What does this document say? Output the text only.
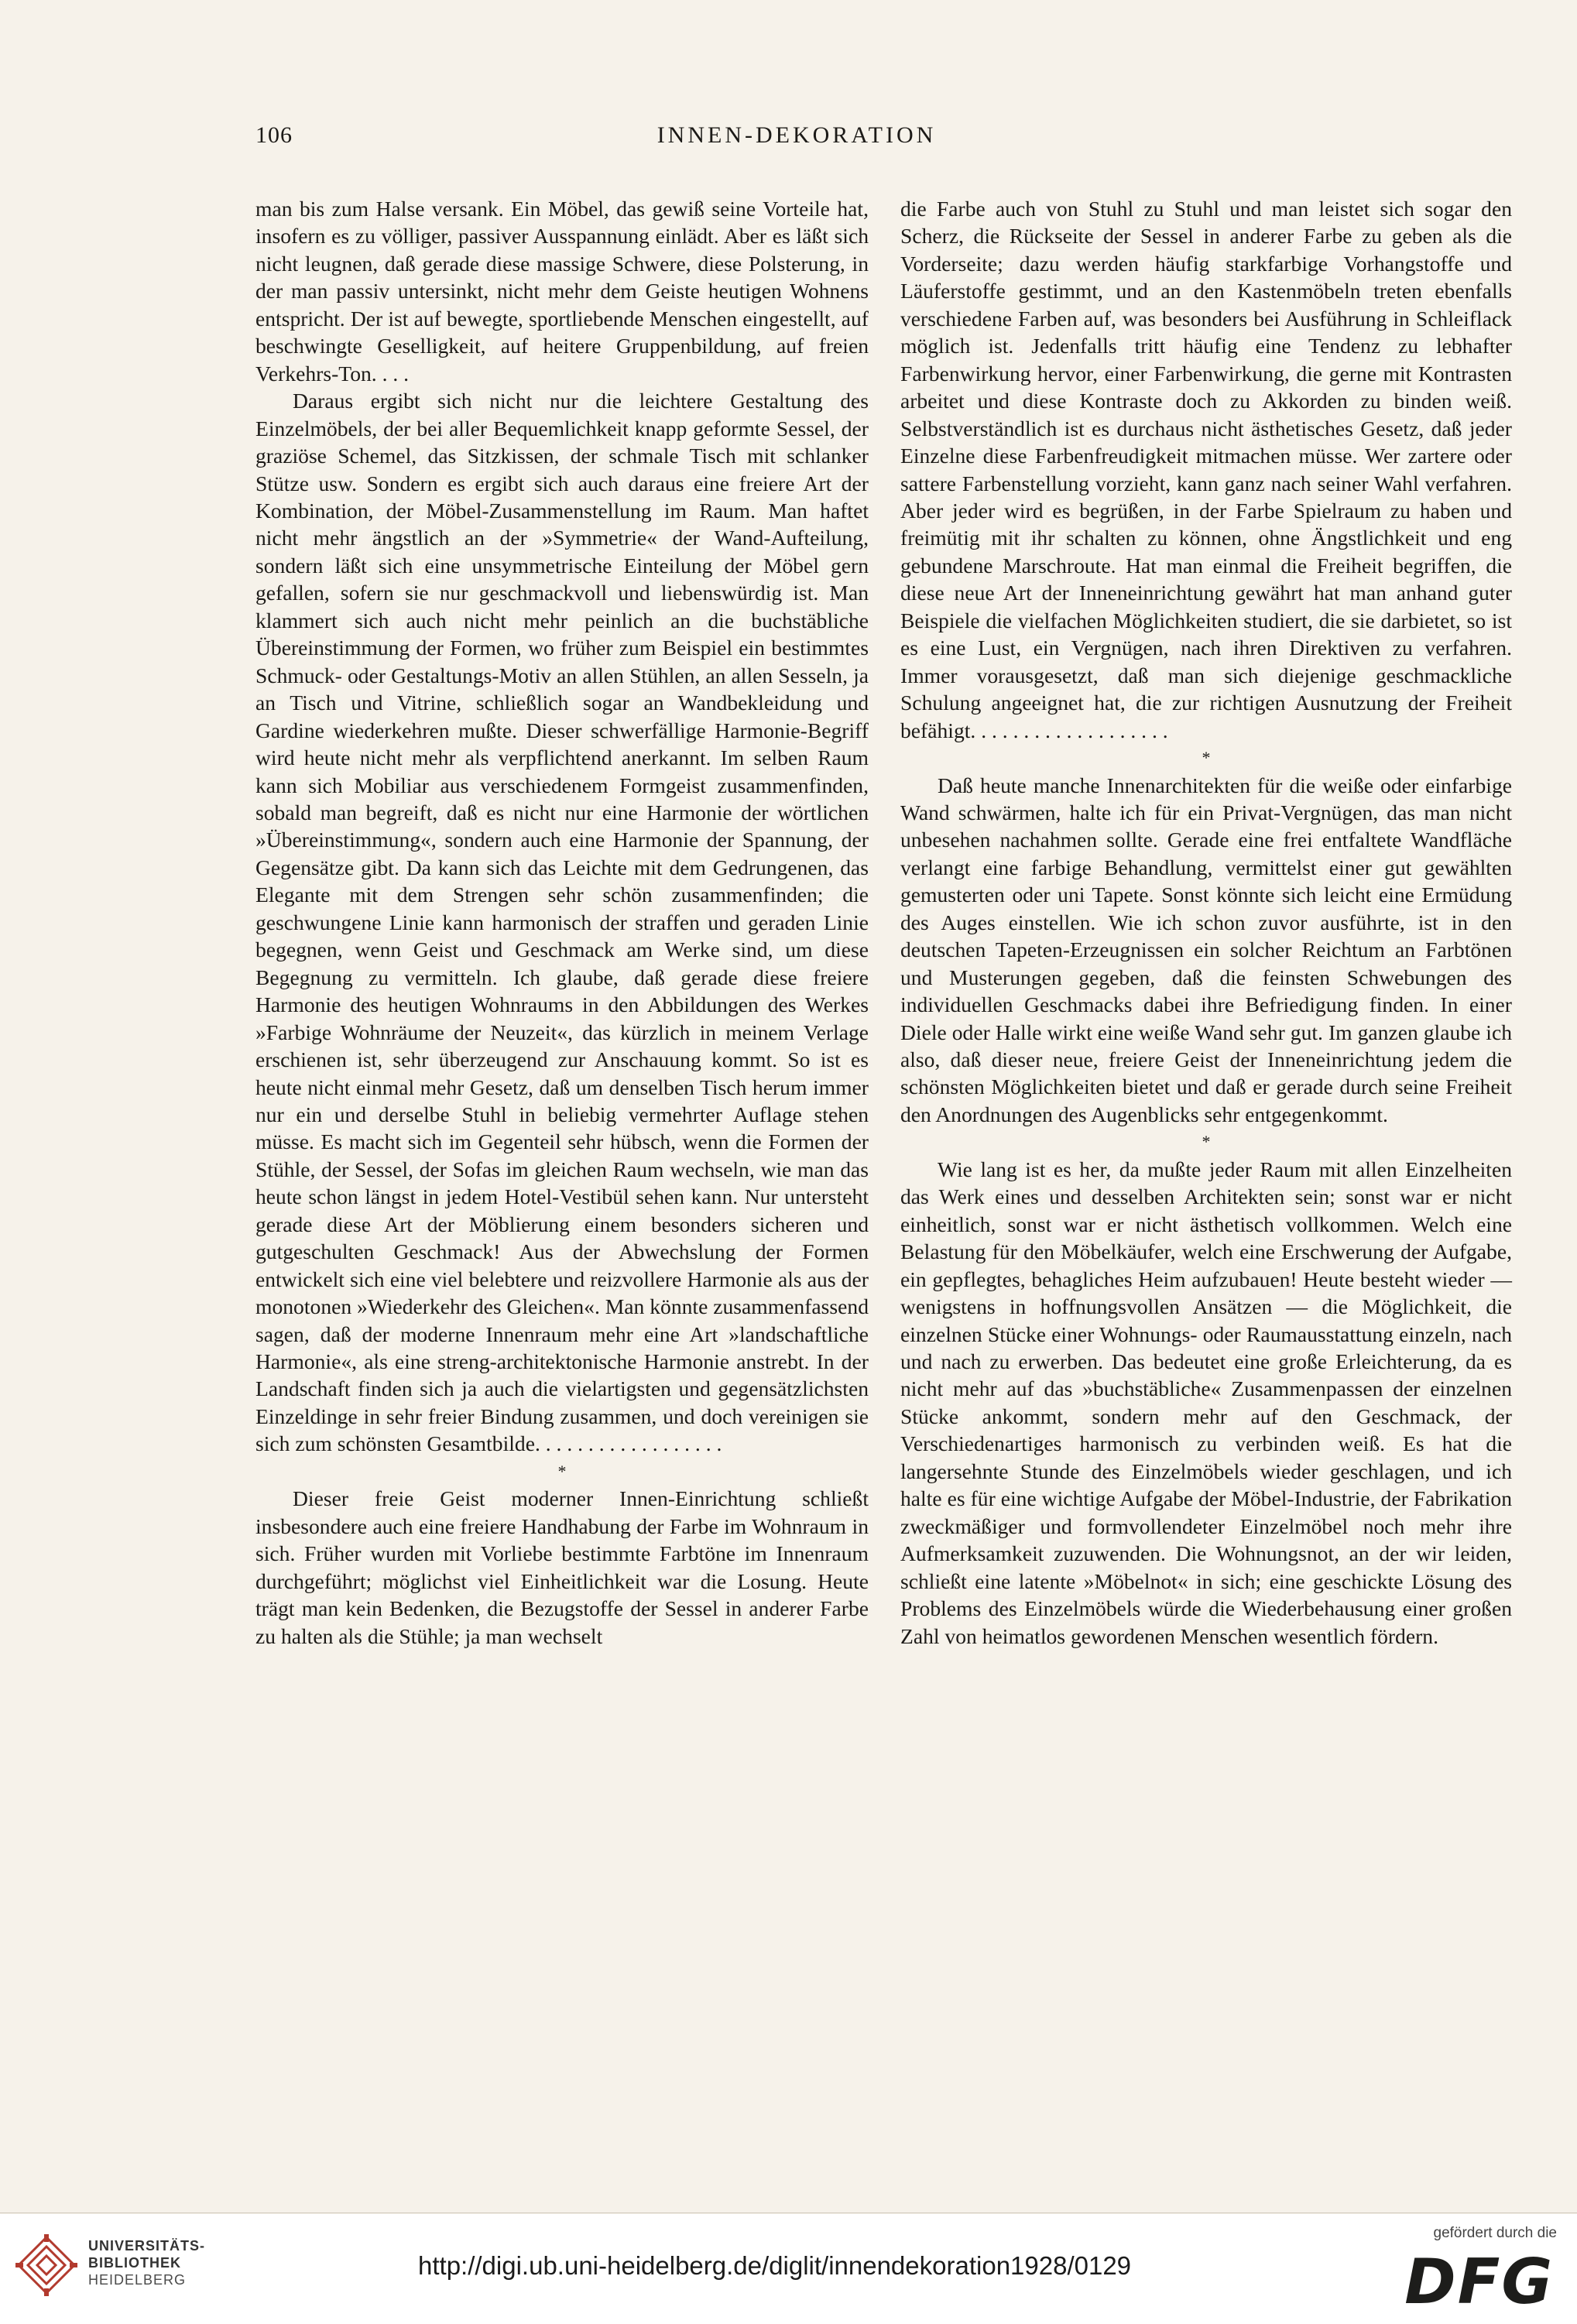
106	INNEN-DEKORATION

man bis zum Halse versank. Ein Möbel, das gewiß seine Vorteile hat, insofern es zu völliger, passiver Ausspannung einlädt. Aber es läßt sich nicht leugnen, daß gerade diese massige Schwere, diese Polsterung, in der man passiv untersinkt, nicht mehr dem Geiste heutigen Wohnens entspricht. Der ist auf bewegte, sportliebende Menschen eingestellt, auf beschwingte Geselligkeit, auf heitere Gruppenbildung, auf freien Verkehrs-Ton. . . .

Daraus ergibt sich nicht nur die leichtere Gestaltung des Einzelmöbels, der bei aller Bequemlichkeit knapp geformte Sessel, der graziöse Schemel, das Sitzkissen, der schmale Tisch mit schlanker Stütze usw. Sondern es ergibt sich auch daraus eine freiere Art der Kombination, der Möbel-Zusammenstellung im Raum. Man haftet nicht mehr ängstlich an der »Symmetrie« der Wand-Aufteilung, sondern läßt sich eine unsymmetrische Einteilung der Möbel gern gefallen, sofern sie nur geschmackvoll und liebenswürdig ist. Man klammert sich auch nicht mehr peinlich an die buchstäbliche Übereinstimmung der Formen, wo früher zum Beispiel ein bestimmtes Schmuck- oder Gestaltungs-Motiv an allen Stühlen, an allen Sesseln, ja an Tisch und Vitrine, schließlich sogar an Wandbekleidung und Gardine wiederkehren mußte. Dieser schwerfällige Harmonie-Begriff wird heute nicht mehr als verpflichtend anerkannt. Im selben Raum kann sich Mobiliar aus verschiedenem Formgeist zusammenfinden, sobald man begreift, daß es nicht nur eine Harmonie der wörtlichen »Übereinstimmung«, sondern auch eine Harmonie der Spannung, der Gegensätze gibt. Da kann sich das Leichte mit dem Gedrungenen, das Elegante mit dem Strengen sehr schön zusammenfinden; die geschwungene Linie kann harmonisch der straffen und geraden Linie begegnen, wenn Geist und Geschmack am Werke sind, um diese Begegnung zu vermitteln. Ich glaube, daß gerade diese freiere Harmonie des heutigen Wohnraums in den Abbildungen des Werkes »Farbige Wohnräume der Neuzeit«, das kürzlich in meinem Verlage erschienen ist, sehr überzeugend zur Anschauung kommt. So ist es heute nicht einmal mehr Gesetz, daß um denselben Tisch herum immer nur ein und derselbe Stuhl in beliebig vermehrter Auflage stehen müsse. Es macht sich im Gegenteil sehr hübsch, wenn die Formen der Stühle, der Sessel, der Sofas im gleichen Raum wechseln, wie man das heute schon längst in jedem Hotel-Vestibül sehen kann. Nur untersteht gerade diese Art der Möblierung einem besonders sicheren und gutgeschulten Geschmack! Aus der Abwechslung der Formen entwickelt sich eine viel belebtere und reizvollere Harmonie als aus der monotonen »Wiederkehr des Gleichen«. Man könnte zusammenfassend sagen, daß der moderne Innenraum mehr eine Art »landschaftliche Harmonie«, als eine streng-architektonische Harmonie anstrebt. In der Landschaft finden sich ja auch die vielartigsten und gegensätzlichsten Einzeldinge in sehr freier Bindung zusammen, und doch vereinigen sie sich zum schönsten Gesamtbilde. . . . . . . . . . . . . . . . . .

*

Dieser freie Geist moderner Innen-Einrichtung schließt insbesondere auch eine freiere Handhabung der Farbe im Wohnraum in sich. Früher wurden mit Vorliebe bestimmte Farbtöne im Innenraum durchgeführt; möglichst viel Einheitlichkeit war die Losung. Heute trägt man kein Bedenken, die Bezugstoffe der Sessel in anderer Farbe zu halten als die Stühle; ja man wechselt

die Farbe auch von Stuhl zu Stuhl und man leistet sich sogar den Scherz, die Rückseite der Sessel in anderer Farbe zu geben als die Vorderseite; dazu werden häufig starkfarbige Vorhangstoffe und Läuferstoffe gestimmt, und an den Kastenmöbeln treten ebenfalls verschiedene Farben auf, was besonders bei Ausführung in Schleiflack möglich ist. Jedenfalls tritt häufig eine Tendenz zu lebhafter Farbenwirkung hervor, einer Farbenwirkung, die gerne mit Kontrasten arbeitet und diese Kontraste doch zu Akkorden zu binden weiß. Selbstverständlich ist es durchaus nicht ästhetisches Gesetz, daß jeder Einzelne diese Farbenfreudigkeit mitmachen müsse. Wer zartere oder sattere Farbenstellung vorzieht, kann ganz nach seiner Wahl verfahren. Aber jeder wird es begrüßen, in der Farbe Spielraum zu haben und freimütig mit ihr schalten zu können, ohne Ängstlichkeit und eng gebundene Marschroute. Hat man einmal die Freiheit begriffen, die diese neue Art der Inneneinrichtung gewährt hat man anhand guter Beispiele die vielfachen Möglichkeiten studiert, die sie darbietet, so ist es eine Lust, ein Vergnügen, nach ihren Direktiven zu verfahren. Immer vorausgesetzt, daß man sich diejenige geschmackliche Schulung angeeignet hat, die zur richtigen Ausnutzung der Freiheit befähigt. . . . . . . . . . . . . . . . . . .

*

Daß heute manche Innenarchitekten für die weiße oder einfarbige Wand schwärmen, halte ich für ein Privat-Vergnügen, das man nicht unbesehen nachahmen sollte. Gerade eine frei entfaltete Wandfläche verlangt eine farbige Behandlung, vermittelst einer gut gewählten gemusterten oder uni Tapete. Sonst könnte sich leicht eine Ermüdung des Auges einstellen. Wie ich schon zuvor ausführte, ist in den deutschen Tapeten-Erzeugnissen ein solcher Reichtum an Farbtönen und Musterungen gegeben, daß die feinsten Schwebungen des individuellen Geschmacks dabei ihre Befriedigung finden. In einer Diele oder Halle wirkt eine weiße Wand sehr gut. Im ganzen glaube ich also, daß dieser neue, freiere Geist der Inneneinrichtung jedem die schönsten Möglichkeiten bietet und daß er gerade durch seine Freiheit den Anordnungen des Augenblicks sehr entgegenkommt.

*

Wie lang ist es her, da mußte jeder Raum mit allen Einzelheiten das Werk eines und desselben Architekten sein; sonst war er nicht einheitlich, sonst war er nicht ästhetisch vollkommen. Welch eine Belastung für den Möbelkäufer, welch eine Erschwerung der Aufgabe, ein gepflegtes, behagliches Heim aufzubauen! Heute besteht wieder — wenigstens in hoffnungsvollen Ansätzen — die Möglichkeit, die einzelnen Stücke einer Wohnungs- oder Raumausstattung einzeln, nach und nach zu erwerben. Das bedeutet eine große Erleichterung, da es nicht mehr auf das »buchstäbliche« Zusammenpassen der einzelnen Stücke ankommt, sondern mehr auf den Geschmack, der Verschiedenartiges harmonisch zu verbinden weiß. Es hat die langersehnte Stunde des Einzelmöbels wieder geschlagen, und ich halte es für eine wichtige Aufgabe der Möbel-Industrie, der Fabrikation zweckmäßiger und formvollendeter Einzelmöbel noch mehr ihre Aufmerksamkeit zuzuwenden. Die Wohnungsnot, an der wir leiden, schließt eine latente »Möbelnot« in sich; eine geschickte Lösung des Problems des Einzelmöbels würde die Wiederbehausung einer großen Zahl von heimatlos gewordenen Menschen wesentlich fördern.

UNIVERSITÄTS-
BIBLIOTHEK
HEIDELBERG	http://digi.ub.uni-heidelberg.de/diglit/innendekoration1928/0129
gefördert durch die
DFG
